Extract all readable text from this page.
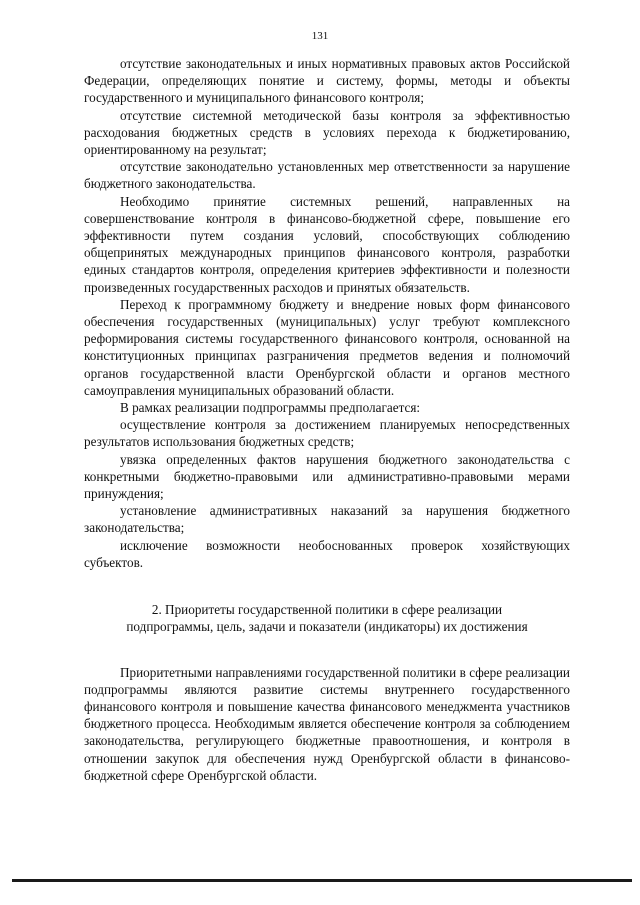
131

отсутствие законодательных и иных нормативных правовых актов Российской Федерации, определяющих понятие и систему, формы, методы и объекты государственного и муниципального финансового контроля;

отсутствие системной методической базы контроля за эффективностью расходования бюджетных средств в условиях перехода к бюджетированию, ориентированному на результат;

отсутствие законодательно установленных мер ответственности за нарушение бюджетного законодательства.

Необходимо принятие системных решений, направленных на совершенствование контроля в финансово-бюджетной сфере, повышение его эффективности путем создания условий, способствующих соблюдению общепринятых международных принципов финансового контроля, разработки единых стандартов контроля, определения критериев эффективности и полезности произведенных государственных расходов и принятых обязательств.

Переход к программному бюджету и внедрение новых форм финансового обеспечения государственных (муниципальных) услуг требуют комплексного реформирования системы государственного финансового контроля, основанной на конституционных принципах разграничения предметов ведения и полномочий органов государственной власти Оренбургской области и органов местного самоуправления муниципальных образований области.

В рамках реализации подпрограммы предполагается:

осуществление контроля за достижением планируемых непосредственных результатов использования бюджетных средств;

увязка определенных фактов нарушения бюджетного законодательства с конкретными бюджетно-правовыми или административно-правовыми мерами принуждения;

установление административных наказаний за нарушения бюджетного законодательства;

исключение возможности необоснованных проверок хозяйствующих субъектов.

2. Приоритеты государственной политики в сфере реализации
подпрограммы, цель, задачи и показатели (индикаторы) их достижения

Приоритетными направлениями государственной политики в сфере реализации подпрограммы являются развитие системы внутреннего государственного финансового контроля и повышение качества финансового менеджмента участников бюджетного процесса. Необходимым является обеспечение контроля за соблюдением законодательства, регулирующего бюджетные правоотношения, и контроля в отношении закупок для обеспечения нужд Оренбургской области в финансово-бюджетной сфере Оренбургской области.
